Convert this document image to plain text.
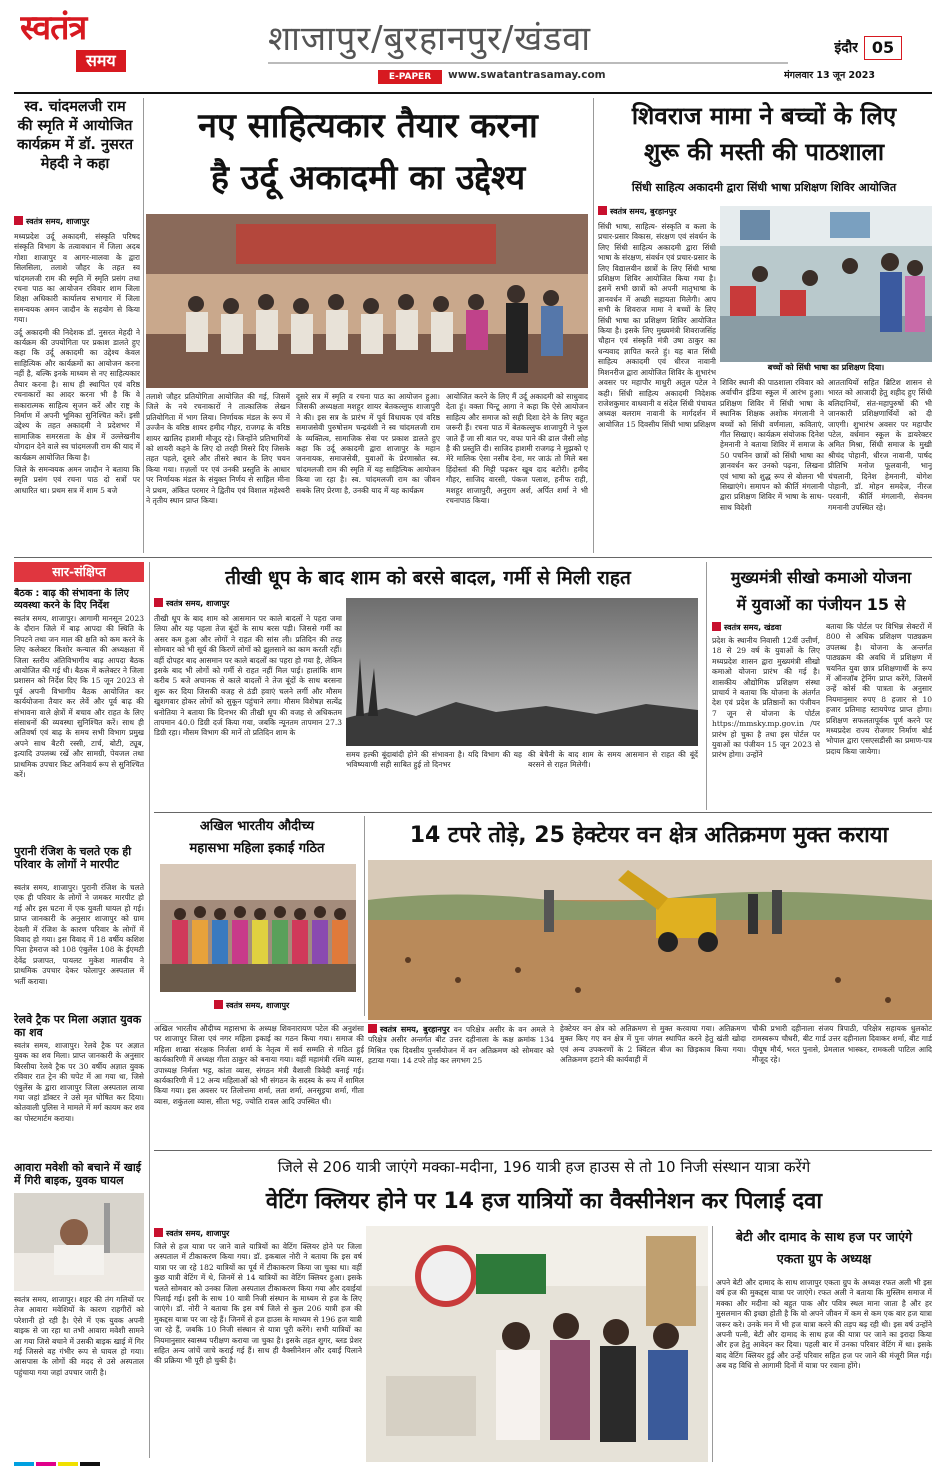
स्वतंत्र
समय
शाजापुर/बुरहानपुर/खंडवा
E-PAPER	www.swatantrasamay.com
इंदौर 05
मंगलवार 13 जून 2023
स्व. चांदमलजी राम की स्मृति में आयोजित कार्यक्रम में डॉ. नुसरत मेहदी ने कहा
स्वतंत्र समय, शाजापुर

मध्यप्रदेश उर्दू अकादमी, संस्कृति परिषद संस्कृति विभाग के तत्वावधान में जिला अदब गोशा शाजापुर व आगर-मालवा के द्वारा सिलसिला, तलाशे जौहर के तहत स्व चांदमलजी राम की स्मृति में स्मृति प्रसंग तथा रचना पाठ का आयोजन रविवार शाम जिला शिक्षा अधिकारी कार्यालय सभागार में जिला समन्वयक अमन जादौन के सहयोग से किया गया।

उर्दू अकादमी की निदेशक डॉ. नुसरत मेहदी ने कार्यक्रम की उपयोगिता पर प्रकाश डालते हुए कहा कि उर्दू अकादमी का उद्देश्य केवल साहित्यिक और कार्यक्रमों का आयोजन करना नहीं है, बल्कि इनके माध्यम से नए साहित्यकार तैयार करना है। साथ ही स्थापित एवं वरिष्ठ रचनाकारों का आदर करना भी है कि वे सकारात्मक साहित्य सृजन करें और राष्ट्र के निर्माण में अपनी भूमिका सुनिश्चित करें। इसी उद्देश्य के तहत अकादमी ने प्रदेशभर में सामाजिक समरसता के क्षेत्र में उल्लेखनीय योगदान देने वाले स्व चांदमलजी राम की याद में कार्यक्रम आयोजित किया है।

जिले के समन्वयक अमन जादौन ने बताया कि स्मृति प्रसंग एवं रचना पाठ दो सत्रों पर आधारित था। प्रथम सत्र में शाम 5 बजे

नए साहित्यकार तैयार करना
है उर्दू अकादमी का उद्देश्य
तलाशे जौहर प्रतियोगिता आयोजित की गई, जिसमें जिले के नये रचनाकारों ने तात्कालिक लेखन प्रतियोगिता में भाग लिया। निर्णायक मंडल के रूप में उज्जैन के वरिष्ठ शायर हमीद गौहर, राजगढ़ के वरिष्ठ शायर खालिद हाशमी मौजूद रहे। जिन्होंने प्रतिभागियों को शायरी कहने के लिए दो तरही मिसरे दिए जिसके तहत पहले, दूसरे और तीसरे स्थान के लिए चयन किया गया। ग़ज़लों पर एवं उनकी प्रस्तुति के आधार पर निर्णायक मंडल के संयुक्त निर्णय से साहिल मीना ने प्रथम, अंकित परमार ने द्वितीय एवं विशाल महेश्वरी ने तृतीय स्थान प्राप्त किया।
दूसरे सत्र में स्मृति व रचना पाठ का आयोजन हुआ। जिसकी अध्यक्षता मशहूर शायर बेतकल्लुफ शाजापुरी ने की। इस सत्र के प्रारंभ में पूर्व विधायक एवं वरिष्ठ समाजसेवी पुरुषोत्तम चन्द्रवंशी ने स्व चांदमलजी राम के व्यक्तित्व, सामाजिक सेवा पर प्रकाश डालते हुए कहा कि उर्दू अकादमी द्वारा शाजापुर के महान जननायक, समाजसेवी, युवाओं के प्रेरणास्रोत स्व. चांदमलजी राम की स्मृति में यह साहित्यिक आयोजन किया जा रहा है। स्व. चांदमलजी राम का जीवन सबके लिए प्रेरणा है, उनकी याद में यह कार्यक्रम
आयोजित करने के लिए मैं उर्दू अकादमी को साधुवाद देता हूं। वक्ता चिन्टू आगा ने कहा कि ऐसे आयोजन साहित्य और समाज को सही दिशा देने के लिए बहुत जरूरी हैं। रचना पाठ में बेतकल्लुफ शाजापुरी ने फूल जाते हैं जा सी बात पर, वफा पाने की ढाल जैसी लोह है की प्रस्तुति दी। साजिद हाशमी राजगढ़ ने मुझको ए मेरे मालिक ऐसा नसीब देना, मर जाऊं तो मिले बस हिंदोस्तां की मिट्टी पढ़कर खूब दाद बटोरी। हमीद गौहर, साजिद वारसी, पंकज पलाश, हनीफ राही, मशहूर शाजापुरी, अनुराग अर्श, अर्पित शर्मा ने भी रचनापाठ किया।
शिवराज मामा ने बच्चों के लिए
शुरू की मस्ती की पाठशाला
सिंधी साहित्य अकादमी द्वारा सिंधी भाषा प्रशिक्षण शिविर आयोजित
स्वतंत्र समय, बुरहानपुर
सिंधी भाषा, साहित्य- संस्कृति व कला के प्रचार-प्रसार विकास, संरक्षण एवं संवर्धन के लिए सिंधी साहित्य अकादमी द्वारा सिंधी भाषा के संरक्षण, संवर्धन एवं प्रचार-प्रसार के लिए विद्यालयीन छात्रों के लिए सिंधी भाषा प्रशिक्षण शिविर आयोजित किया गया है। इसमें सभी छात्रों को अपनी मातृभाषा के ज्ञानवर्धन में अच्छी सहायता मिलेगी। आप सभी के शिवराज मामा ने बच्चों के लिए सिंधी भाषा का प्रशिक्षण शिविर आयोजित किया है। इसके लिए मुख्यमंत्री शिवराजसिंह चौहान एवं संस्कृति मंत्री उषा ठाकुर का धन्यवाद ज्ञापित करते हुं। यह बात सिंधी साहित्य अकादमी एवं धीरज नावानी मिशनरीज द्वारा आयोजित शिविर के शुभारंभ अवसर पर महापौर माधुरी अतुल पटेल ने कही। सिंधी साहित्य अकादमी निदेशक राजेशकुमार वाधवानी व संदेल सिंधी पंचायत अध्यक्ष बलराम नावानी के मार्गदर्शन में आयोजित 15 दिवसीय सिंधी भाषा प्रशिक्षण
बच्चों को सिंधी भाषा का प्रशिक्षण दिया।
शिविर स्थानी की पाठशाला रविवार को अर्वाचीन इंडिया स्कूल में आरंभ हुआ। प्रशिक्षण शिविर में सिंधी भाषा के स्थानिक शिक्षक अशोक मंगलानी ने बच्चों को सिंधी वर्णमाला, कविताएं, गीत सिखाए। कार्यक्रम संयोजक दिनेश हेमनानी ने बताया शिविर में समाज के 50 पचनिन छात्रों को सिंधी भाषा का ज्ञानवर्धन कर उनको पढ़ना, लिखना एवं भाषा को शुद्ध रूप से बोलना भी सिखाएंगे। समापन को कीर्ति मंगलानी द्वारा प्रशिक्षण शिविर में भाषा के साथ-साथ विदेशी
आततायियों सहित ब्रिटिश शासन से भारत को आजादी हेतु शहीद हुए सिंधी बलिदानियों, संत-महापुरुषों की भी जानकारी प्रशिक्षणार्थियों को दी जाएगी। शुभारंभ अवसर पर महापौर पटेल, वर्धमान स्कूल के डायरेक्टर अमित मिश्रा, सिंधी समाज के मुखी श्रीचंद पोहानी, धीरज नावानी, पार्षद प्रीतिभि मनोज फूलवानी, भानू चंचलानी, दिनेश हेमनानी, योगेश पोहानी, डॉ. मोहन समदेज, नीरज परवानी, कीर्ति मंगलानी, सेवनम गमनानी उपस्थित रहे।
सार-संक्षिप्त
बैठक : बाढ़ की संभावना के लिए व्यवस्था करने के दिए निर्देश
स्वतंत्र समय, शाजापुर। आगामी मानसून 2023 के दौरान जिले में बाढ़ आपदा की स्थिति के निपटने तथा जन माल की क्षति को कम करने के लिए कलेक्टर किशोर कन्याल की अध्यक्षता में जिला स्तरीय अंतिविभागीय बाढ़ आपदा बैठक आयोजित की गई थी। बैठक में कलेक्टर ने जिला प्रशासन को निर्देश दिए कि 15 जून 2023 से पूर्व अपनी विभागीय बैठक आयोजित कर कार्ययोजना तैयार कर लेवें और पूर्व बाढ़ की संभावना वाले क्षेत्रों में बचाव और राहत के लिए संसाधनों की व्यवस्था सुनिश्चित करें। साथ ही अतिवर्षा एवं बाढ़ के समय सभी विभाग प्रमुख अपने साथ बैटरी रस्सी, टार्च, बोटी, ट्यूब, इत्यादि उपलब्ध रखें और सामग्री, पेयजल तथा प्राथमिक उपचार किट अनिवार्य रूप से सुनिश्चित करें।
पुरानी रंजिश के चलते एक ही परिवार के लोगों ने मारपीट
स्वतंत्र समय, शाजापुर। पुरानी रंजिश के चलते एक ही परिवार के लोगों ने जमकर मारपीट हो गई और इस घटना में एक युवती घायल हो गई। प्राप्त जानकारी के अनुसार शाजापुर को ग्राम देवली में रंजिश के कारण परिवार के लोगों में विवाद हो गया। इस विवाद में 18 वर्षीय कशिश पिता हेमराज को 108 एंबुलेंस 108 के ईएमटी देवेंद्र प्रजापत, पायलट मुकेश मालवीय ने प्राथमिक उपचार देकर फोलापुर अस्पताल में भर्ती कराया।
रेलवे ट्रैक पर मिला अज्ञात युवक का शव
स्वतंत्र समय, शाजापुर। रेलवे ट्रैक पर अज्ञात युवक का शव मिला। प्राप्त जानकारी के अनुसार बिरसीया रेलवे ट्रैक पर 30 वर्षीय अज्ञात युवक रविवार रात ट्रेन की चपेट में आ गया था, जिसे एंबुलेंस के द्वारा शाजापुर जिला अस्पताल लाया गया जहां डॉक्टर ने उसे मृत घोषित कर दिया। कोतवाली पुलिस ने मामले में मर्ग कायम कर शव का पोस्टमार्टम कराया।
आवारा मवेशी को बचाने में खाई में गिरी बाइक, युवक घायल
स्वतंत्र समय, शाजापुर। शहर की तंग गलियों पर तेज आवारा मवेशियों के कारण राहगीरों को परेशानी हो रही है। ऐसे में एक युवक अपनी बाइक से जा रहा था तभी आवारा मवेशी सामने आ गया जिसे बचाने में उसकी बाइक खाई में गिर गई जिससे वह गंभीर रूप से घायल हो गया। आसपास के लोगों की मदद से उसे अस्पताल पहुंचाया गया जहां उपचार जारी है।
तीखी धूप के बाद शाम को बरसे बादल, गर्मी से मिली राहत
स्वतंत्र समय, शाजापुर
तीखी धूप के बाद शाम को आसमान पर काले बादलों ने पहरा जमा लिया और यह पहला तेज बूंदों के साथ बरस पड़ी। जिससे गर्मी का असर कम हुआ और लोगों ने राहत की सांस ली। प्रतिदिन की तरह सोमवार को भी सूर्य की किरणें लोगों को झुलसाने का काम करती रहीं। वहीं दोपहर बाद आसमान पर काले बादलों का पहरा हो गया है, लेकिन इसके बाद भी लोगों को गर्मी से राहत नहीं मिल पाई। हालांकि शाम करीब 5 बजे अचानक से काले बादलों ने तेज बूंदों के साथ बरसना शुरू कर दिया जिसकी वजह से ठंडी हवाएं चलने लगीं और मौसम खुशगवार होकर लोगों को सुकून पहुंचाने लगा। मौसम विशेषज्ञ सत्येंद्र धनोतिया ने बताया कि दिनभर की तीखी धूप की वजह से अधिकतम तापमान 40.0 डिग्री दर्ज किया गया, जबकि न्यूनतम तापमान 27.3 डिग्री रहा। मौसम विभाग की मानें तो प्रतिदिन शाम के
समय हल्की बूंदाबांदी होने की संभावना है। यदि विभाग की यह भविष्यवाणी सही साबित हुई तो दिनभर
की बेचैनी के बाद शाम के समय आसमान से राहत की बूंदें बरसने से राहत मिलेगी।
मुख्यमंत्री सीखो कमाओ योजना
में युवाओं का पंजीयन 15 से
स्वतंत्र समय, खंडवा
प्रदेश के स्थानीय निवासी 12वीं उत्तीर्ण, 18 से 29 वर्ष के युवाओं के लिए मध्यप्रदेश शासन द्वारा मुख्यमंत्री सीखो कमाओ योजना प्रारंभ की गई है। शासकीय औद्योगिक प्रशिक्षण संस्था प्राचार्य ने बताया कि योजना के अंतर्गत देश एवं प्रदेश के प्रतिष्ठानों का पंजीयन 7 जून से योजना के पोर्टल https://mmsky.mp.gov.in /पर प्रारंभ हो चुका है तथा इस पोर्टल पर युवाओं का पंजीयन 15 जून 2023 से प्रारंभ होगा। उन्होंने
बताया कि पोर्टल पर विभिन्न सेक्टरों में 800 से अधिक प्रशिक्षण पाठ्यक्रम उपलब्ध है। योजना के अन्तर्गत पाठ्यक्रम की अवधि में प्रशिक्षण में चयनित युवा छात्र प्रशिक्षणार्थी के रूप में ऑनजॉब ट्रेनिंग प्राप्त करेंगे, जिसमें उन्हें कोर्स की पात्रता के अनुसार नियमानुसार रुपए 8 हजार से 10 हजार प्रतिमाह स्टायपेण्ड प्राप्त होगा। प्रशिक्षण सफलतापूर्वक पूर्ण करने पर मध्यप्रदेश राज्य रोजगार निर्माण बोर्ड भोपाल द्वारा एसएसडीसी का प्रमाण-पत्र प्रदाय किया जायेगा।
अखिल भारतीय औदीच्य
महासभा महिला इकाई गठित
स्वतंत्र समय, शाजापुर
14 टपरे तोड़े, 25 हेक्टेयर वन क्षेत्र अतिक्रमण मुक्त कराया
अखिल भारतीय औदीच्य महासभा के अध्यक्ष शिवनारायण पटेल की अनुशंसा पर शाजापुर जिला एवं नगर महिला इकाई का गठन किया गया। समाज की महिला शाखा संरक्षक निर्जला शर्मा के नेतृत्व में सर्व सम्मति से गठित हुई कार्यकारिणी में अध्यक्ष गीता ठाकुर को बनाया गया। वहीं महामंत्री रश्मि व्यास, उपाध्यक्ष निर्मला भट्ट, कांता व्यास, संगठन मंत्री वैशाली त्रिवेदी बनाई गई। कार्यकारिणी में 12 अन्य महिलाओं को भी संगठन के सदस्य के रूप में शामिल किया गया। इस अवसर पर तिलोत्तमा शर्मा, लता शर्मा, अनसूइया शर्मा, गीता व्यास, शकुंतला व्यास, सीता भट्ट, ज्योति रावल आदि उपस्थित थी।
स्वतंत्र समय, बुरहानपुर वन परिक्षेत्र असीर के वन अमले ने परिक्षेत्र असीर अन्तर्गत बीट उत्तर दहीनाला के कक्ष क्रमांक 134 मिश्रित एक दिवसीय पुनर्संयोजन में वन अतिक्रमण को सोमवार को हटाया गया। 14 टपरे तोड़ कर लगभग 25
हेक्टेयर वन क्षेत्र को अतिक्रमण से मुक्त करवाया गया। अतिक्रमण मुक्त किए गए वन क्षेत्र में पुनः जंगल स्थापित करने हेतु खंती खोदा एवं अन्य उपकरणों के 2 क्विंटल बीज का छिड़काव किया गया। अतिक्रमण हटाने की कार्यवाही में
चौकी प्रभारी दहीनाला संजय त्रिपाठी, परिक्षेत्र सहायक धुलकोट रामस्वरूप चौधरी, बीट गार्ड उत्तर दहीनाला दिवाकर शर्मा, बीट गार्ड पीयूष मौर्य, भरत पुनासे, प्रेमलाल भास्कर, रामकली पाटिल आदि मौजूद रहे।
जिले से 206 यात्री जाएंगे मक्का-मदीना, 196 यात्री हज हाउस से तो 10 निजी संस्थान यात्रा करेंगे
वेटिंग क्लियर होने पर 14 हज यात्रियों का वैक्सीनेशन कर पिलाई दवा
स्वतंत्र समय, शाजापुर
जिले से हज यात्रा पर जाने वाले यात्रियों का वेटिंग क्लियर होने पर जिला अस्पताल में टीकाकरण किया गया। डॉ. इकबाल नोरी ने बताया कि इस वर्ष यात्रा पर जा रहे 182 यात्रियों का पूर्व में टीकाकरण किया जा चुका था। वहीं कुछ यात्री वेटिंग में थे, जिनमें से 14 यात्रियों का वेटिंग क्लियर हुआ। इसके चलते सोमवार को उनका जिला अस्पताल टीकाकरण किया गया और दवाईयां पिलाई गई। इसी के साथ 10 यात्री निजी संस्थान के माध्यम से हज के लिए जाएंगे। डॉ. नोरी ने बताया कि इस वर्ष जिले से कुल 206 यात्री हज की मुकद्दस यात्रा पर जा रहे हैं। जिनमें से हज हाउस के माध्यम से 196 हज यात्री जा रहे हैं, जबकि 10 निजी संस्थान से यात्रा पूरी करेंगे। सभी यात्रियों का नियमानुसार स्वास्थ्य परीक्षण कराया जा चुका है। इसके तहत शुगर, ब्लड प्रेशर सहित अन्य जांचें जाचे कराई गई हैं। साथ ही वैक्सीनेशन और दवाईं पिलाने की प्रक्रिया भी पूरी हो चुकी है।
बेटी और दामाद के साथ हज पर जाएंगे
एकता ग्रुप के अध्यक्ष
अपने बेटी और दामाद के साथ शाजापुर एकता ग्रुप के अध्यक्ष रफत अली भी इस वर्ष हज की मुकद्दस यात्रा पर जाएंगे। रफत अली ने बताया कि मुस्लिम समाज में मक्का और मदीना को बहुत पाक और पवित्र स्थल माना जाता है और हर मुसलमान की इच्छा होती है कि वो अपने जीवन में कम से कम एक बार हज यात्रा जरूर करे। उनके मन में भी हज यात्रा करने की तड़प बढ़ रही थी। इस वर्ष उन्होंने अपनी पत्नी, बेटी और दामाद के साथ हज की यात्रा पर जाने का इरादा किया और हज हेतु आवेदन कर दिया। पहली बार में उनका परिवार वेटिंग में था। इसके बाद वेटिंग क्लियर हुई और उन्हें परिवार सहित हज पर जाने की मंजूरी मिल गई। अब वह विधि से आगामी दिनों में यात्रा पर रवाना होंगे।
